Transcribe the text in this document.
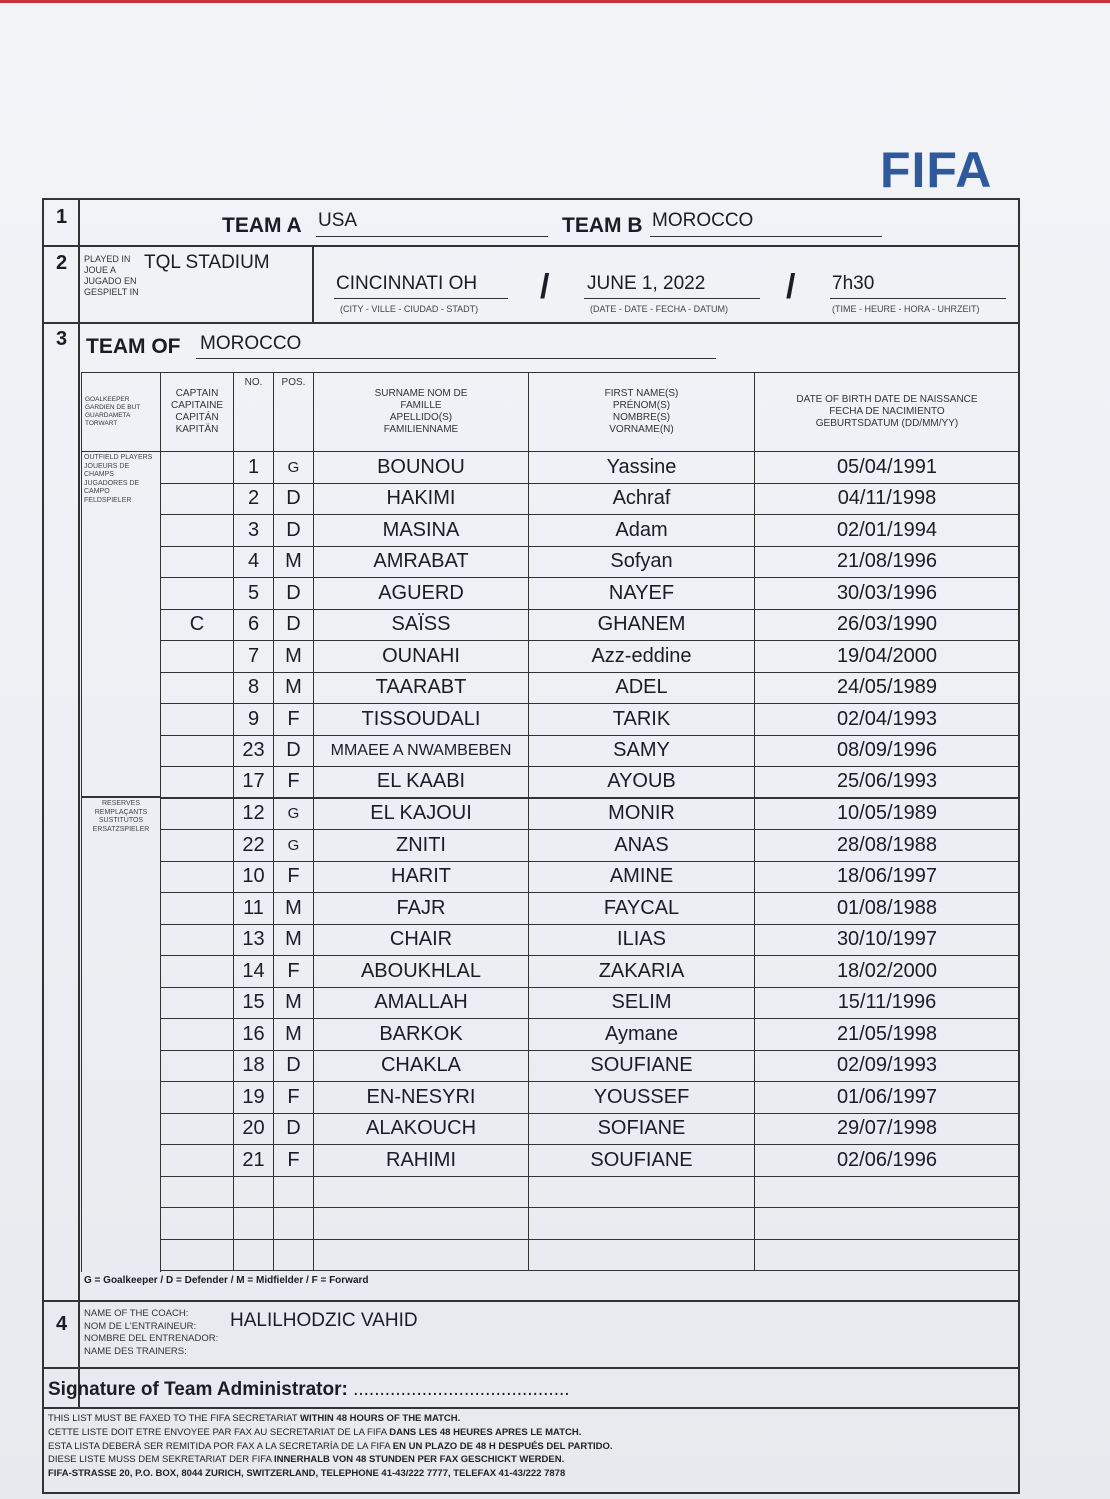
FIFA
1	TEAM A USA	TEAM B MOROCCO
2 PLAYED IN
JOUE A
JUGADO EN
GESPIELT IN
TQL STADIUM
CINCINNATI OH
(CITY - VILLE - CIUDAD - STADT)
/ JUNE 1, 2022
(DATE - DATE - FECHA - DATUM)
/ 7h30
(TIME - HEURE - HORA - UHRZEIT)
3 TEAM OF MOROCCO
GOALKEEPER GARDIEN DE BUT GUARDAMETA TORWART
CAPTAIN CAPITAINE CAPITÁN KAPITÄN
NO.	POS.
SURNAME NOM DE FAMILLE APELLIDO(S) FAMILIENNAME
FIRST NAME(S) PRÉNOM(S) NOMBRE(S) VORNAME(N)
DATE OF BIRTH DATE DE NAISSANCE FECHA DE NACIMIENTO GEBURTSDATUM (DD/MM/YY)
OUTFIELD PLAYERS JOUEURS DE CHAMPS JUGADORES DE CAMPO FELDSPIELER
RESERVES REMPLAÇANTS SUSTITUTOS ERSATZSPIELER
1	G	BOUNOU	Yassine	05/04/1991
2	D	HAKIMI	Achraf	04/11/1998
3	D	MASINA	Adam	02/01/1994
4	M	AMRABAT	Sofyan	21/08/1996
5	D	AGUERD	NAYEF	30/03/1996
C	6	D	SAÏSS	GHANEM	26/03/1990
7	M	OUNAHI	Azz-eddine	19/04/2000
8	M	TAARABT	ADEL	24/05/1989
9	F	TISSOUDALI	TARIK	02/04/1993
23	D	MMAEE A NWAMBEBEN	SAMY	08/09/1996
17	F	EL KAABI	AYOUB	25/06/1993
12	G	EL KAJOUI	MONIR	10/05/1989
22	G	ZNITI	ANAS	28/08/1988
10	F	HARIT	AMINE	18/06/1997
11	M	FAJR	FAYCAL	01/08/1988
13	M	CHAIR	ILIAS	30/10/1997
14	F	ABOUKHLAL	ZAKARIA	18/02/2000
15	M	AMALLAH	SELIM	15/11/1996
16	M	BARKOK	Aymane	21/05/1998
18	D	CHAKLA	SOUFIANE	02/09/1993
19	F	EN-NESYRI	YOUSSEF	01/06/1997
20	D	ALAKOUCH	SOFIANE	29/07/1998
21	F	RAHIMI	SOUFIANE	02/06/1996
G = Goalkeeper / D = Defender / M = Midfielder / F = Forward
4 NAME OF THE COACH:
NOM DE L'ENTRAINEUR:
NOMBRE DEL ENTRENADOR:
NAME DES TRAINERS:
HALILHODZIC VAHID
Signature of Team Administrator: .........................................
THIS LIST MUST BE FAXED TO THE FIFA SECRETARIAT WITHIN 48 HOURS OF THE MATCH.
CETTE LISTE DOIT ETRE ENVOYEE PAR FAX AU SECRETARIAT DE LA FIFA DANS LES 48 HEURES APRES LE MATCH.
ESTA LISTA DEBERÁ SER REMITIDA POR FAX A LA SECRETARÍA DE LA FIFA EN UN PLAZO DE 48 H DESPUÉS DEL PARTIDO.
DIESE LISTE MUSS DEM SEKRETARIAT DER FIFA INNERHALB VON 48 STUNDEN PER FAX GESCHICKT WERDEN.
FIFA-STRASSE 20, P.O. BOX, 8044 ZURICH, SWITZERLAND, TELEPHONE 41-43/222 7777, TELEFAX 41-43/222 7878
